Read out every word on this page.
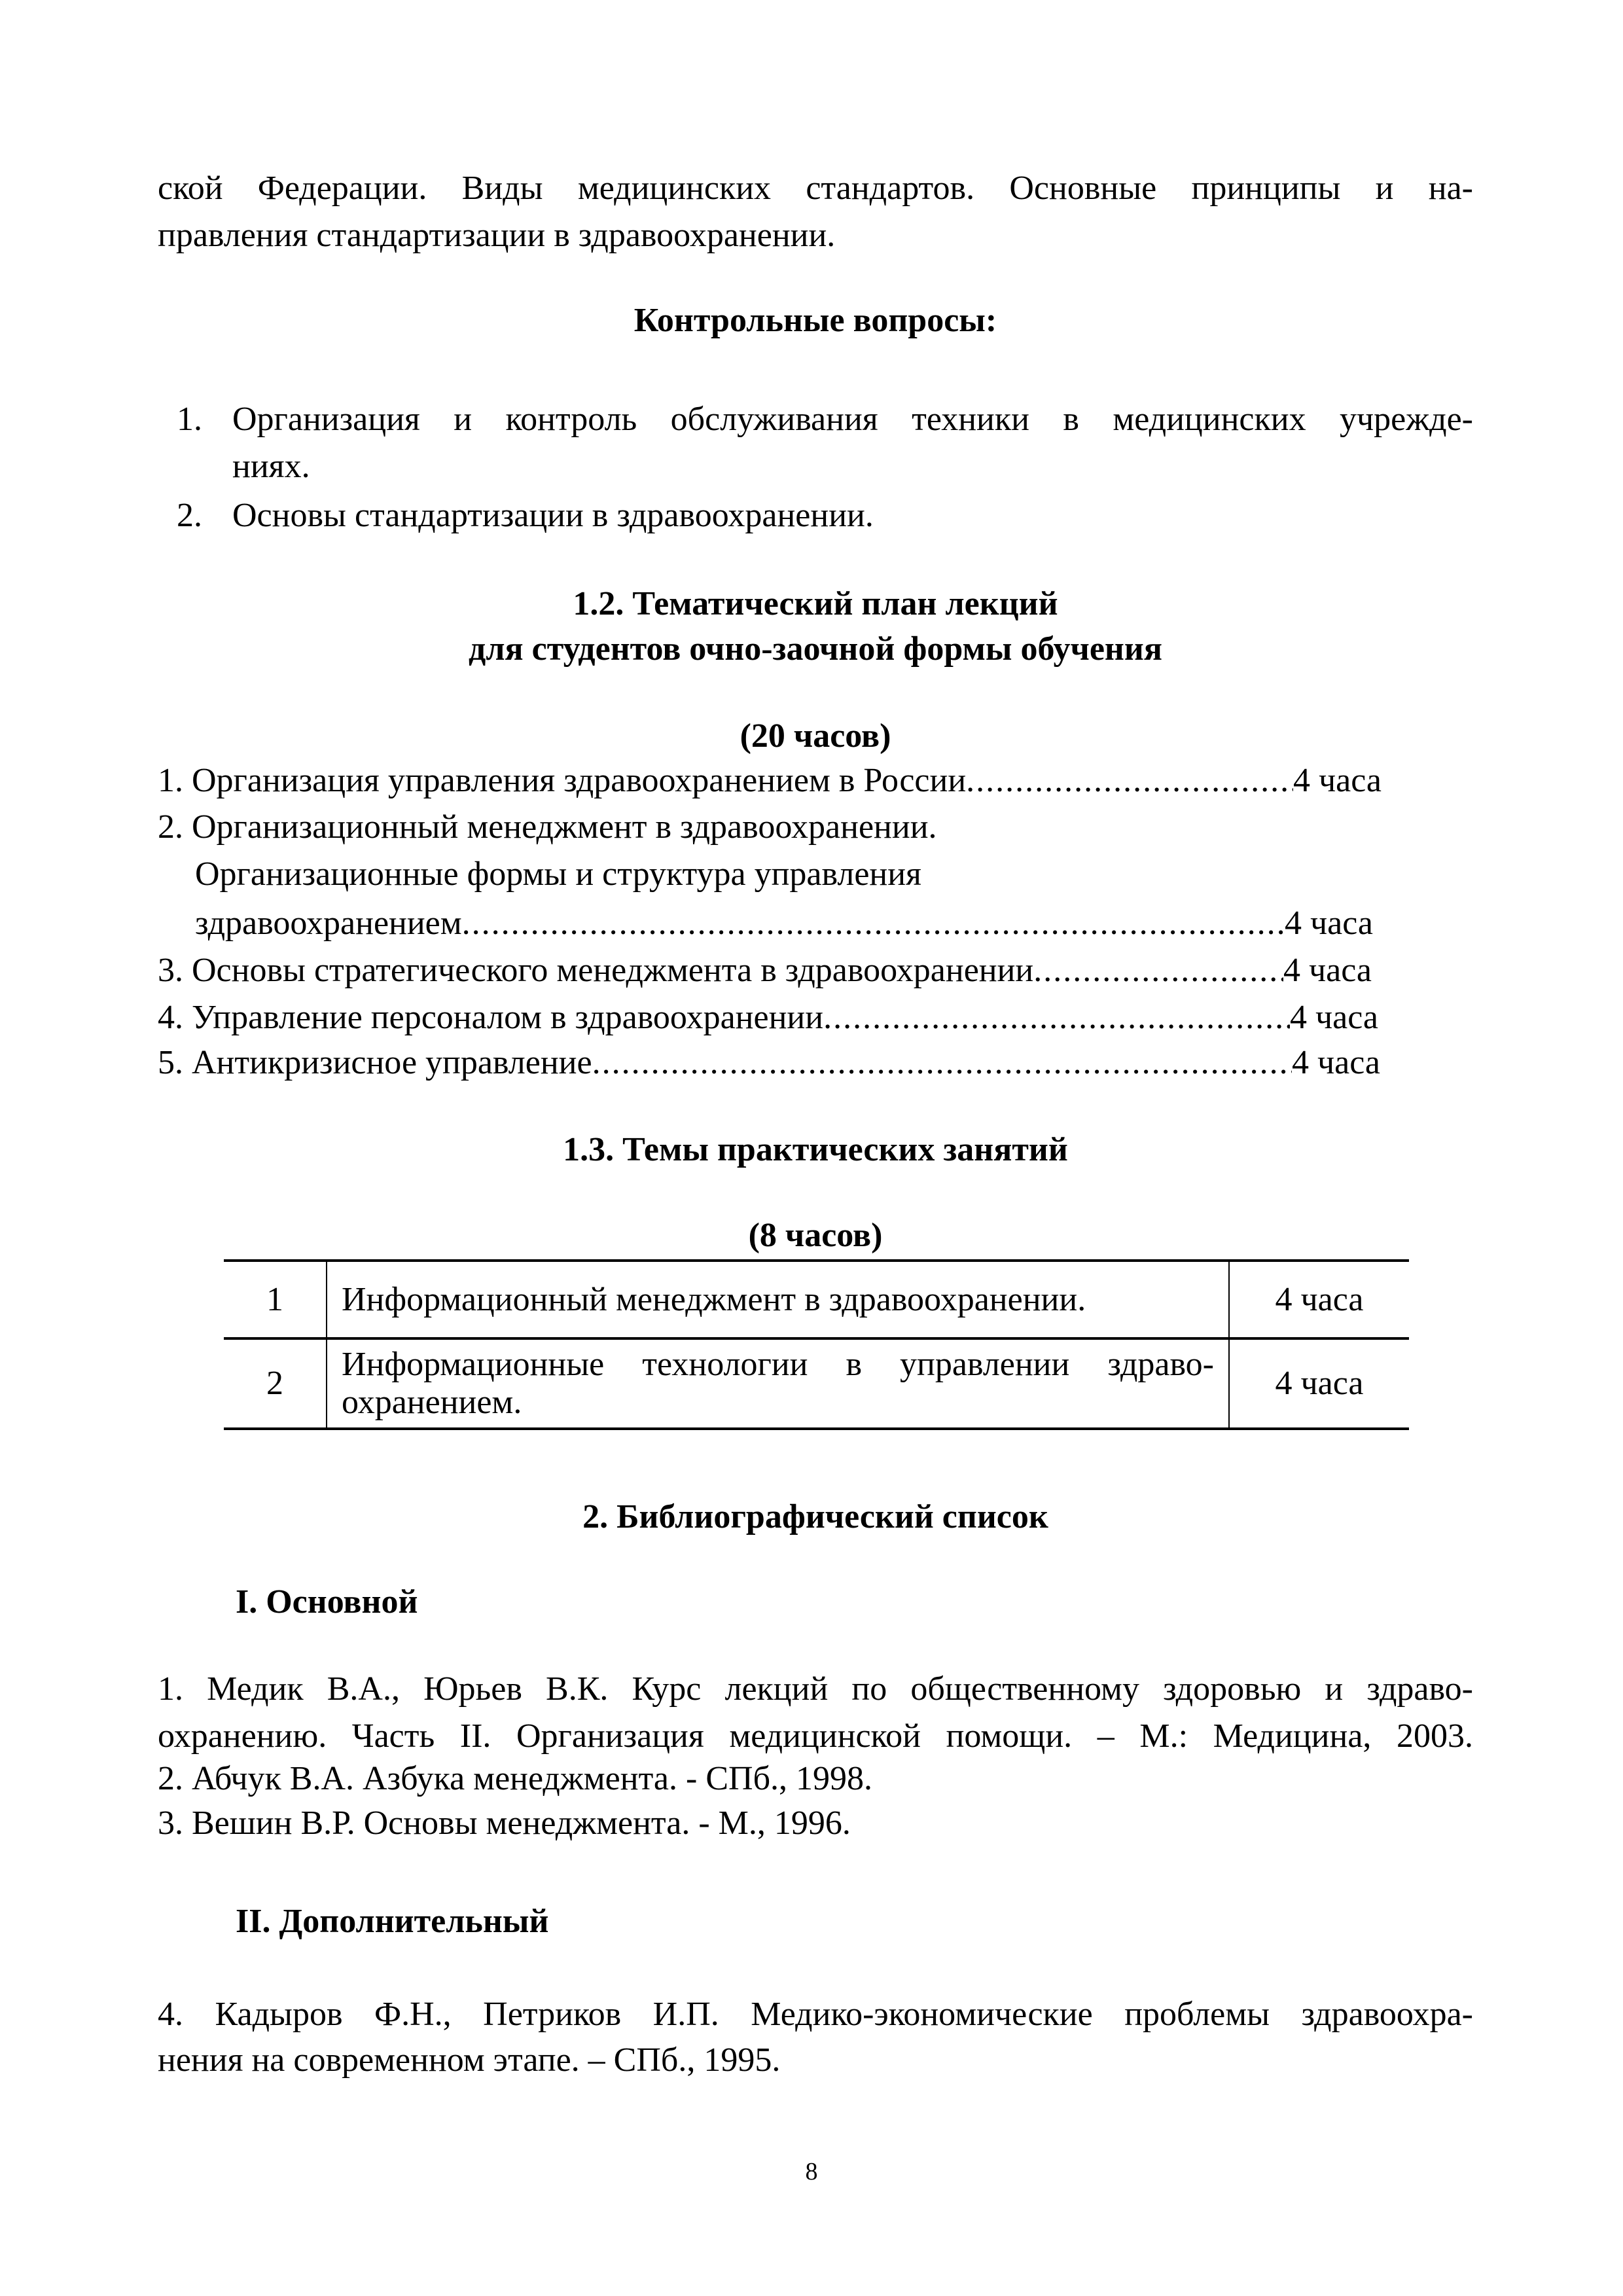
ской Федерации. Виды медицинских стандартов. Основные принципы и на-
правления стандартизации в здравоохранении.
Контрольные вопросы:
1. Организация и контроль обслуживания техники в медицинских учрежде-
ниях.
2. Основы стандартизации в здравоохранении.
1.2. Тематический план лекций
для студентов очно-заочной формы обучения
(20 часов)
1. Организация управления здравоохранением в России .....	4 часа
2. Организационный менеджмент в здравоохранении.
Организационные формы и структура управления
здравоохранением .....	4 часа
3. Основы стратегического менеджмента в здравоохранении .....	4 часа
4. Управление персоналом в здравоохранении .....	4 часа
5. Антикризисное управление .....	4 часа
1.3. Темы практических занятий
(8 часов)
1	Информационный менеджмент в здравоохранении.	4 часа
2	Информационные технологии в управлении здраво-охранением.	4 часа
2. Библиографический список
I. Основной
1. Медик В.А., Юрьев В.К. Курс лекций по общественному здоровью и здраво-
охранению. Часть II. Организация медицинской помощи. – М.: Медицина, 2003.
2. Абчук В.А. Азбука менеджмента. - СПб., 1998.
3. Вешин В.Р. Основы менеджмента. - М., 1996.
II. Дополнительный
4. Кадыров Ф.Н., Петриков И.П. Медико-экономические проблемы здравоохра-
нения на современном этапе. – СПб., 1995.
8
